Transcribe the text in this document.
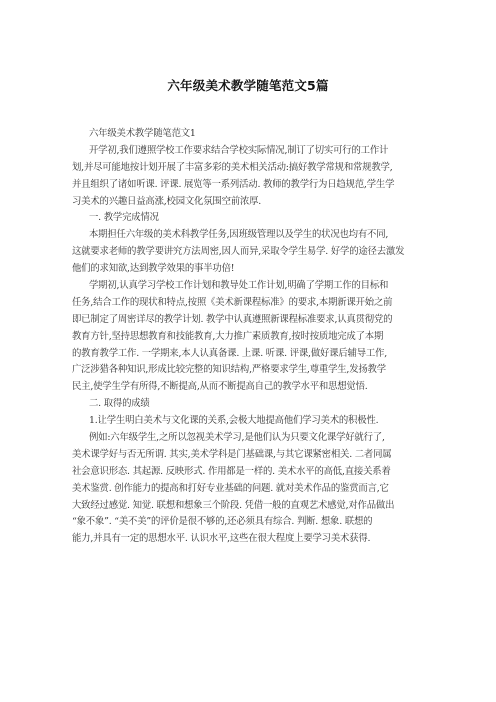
六年级美术教学随笔范文5篇
六年级美术教学随笔范文1
开学初,我们遵照学校工作要求结合学校实际情况,制订了切实可行的工作计
划,并尽可能地按计划开展了丰富多彩的美术相关活动:搞好教学常规和常规教学,
并且组织了诸如听课. 评课. 展览等一系列活动. 教师的教学行为日趋规范,学生学
习美术的兴趣日益高涨,校园文化氛围空前浓厚.
一. 教学完成情况
本期担任六年级的美术科教学任务,因班级管理以及学生的状况也均有不同,
这就要求老师的教学要讲究方法周密,因人而异,采取令学生易学. 好学的途径去激发
他们的求知欲,达到教学效果的事半功倍!
学期初,认真学习学校工作计划和教导处工作计划,明确了学期工作的目标和
任务,结合工作的现状和特点,按照《美术新课程标准》的要求,本期新课开始之前
即已制定了周密详尽的教学计划. 教学中认真遵照新课程标准要求,认真贯彻党的
教育方针,坚持思想教育和技能教育,大力推广素质教育,按时按质地完成了本期
的教育教学工作. 一学期来,本人认真备课. 上课. 听课. 评课,做好课后辅导工作,
广泛涉猎各种知识,形成比较完整的知识结构,严格要求学生,尊重学生,发扬教学
民主,使学生学有所得,不断提高,从而不断提高自己的教学水平和思想觉悟.
二. 取得的成绩
1.让学生明白美术与文化课的关系,会极大地提高他们学习美术的积极性.
例如:六年级学生,之所以忽视美术学习,是他们认为只要文化课学好就行了,
美术课学好与否无所谓. 其实,美术学科是门基础课,与其它课紧密相关. 二者同属
社会意识形态. 其起源. 反映形式. 作用都是一样的. 美术水平的高低,直接关系着
美术鉴赏. 创作能力的提高和打好专业基础的问题. 就对美术作品的鉴赏而言,它
大致经过感觉. 知觉. 联想和想象三个阶段. 凭借一般的直观艺术感觉,对作品做出
“象不象”. “美不美”的评价是很不够的,还必须具有综合. 判断. 想象. 联想的
能力,并具有一定的思想水平. 认识水平,这些在很大程度上要学习美术获得.
